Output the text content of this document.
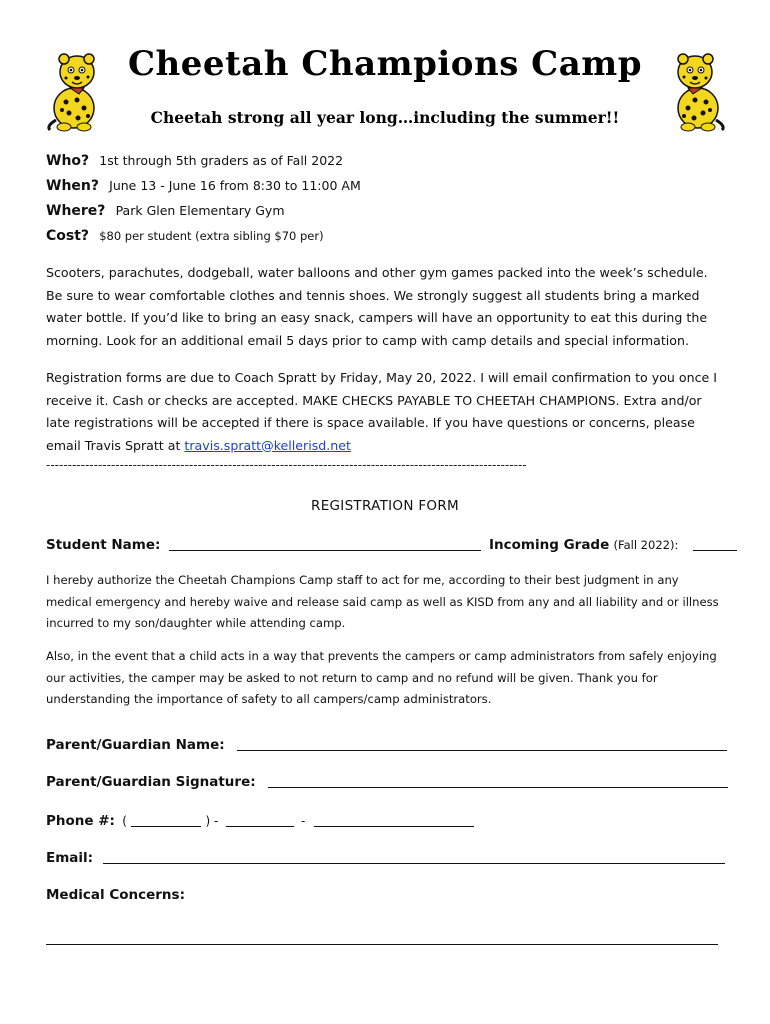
Cheetah Champions Camp
Cheetah strong all year long…including the summer!!
Who? 1st through 5th graders as of Fall 2022
When? June 13 - June 16 from 8:30 to 11:00 AM
Where? Park Glen Elementary Gym
Cost? $80 per student (extra sibling $70 per)
Scooters, parachutes, dodgeball, water balloons and other gym games packed into the week’s schedule. Be sure to wear comfortable clothes and tennis shoes. We strongly suggest all students bring a marked water bottle. If you’d like to bring an easy snack, campers will have an opportunity to eat this during the morning. Look for an additional email 5 days prior to camp with camp details and special information.
Registration forms are due to Coach Spratt by Friday, May 20, 2022. I will email confirmation to you once I receive it. Cash or checks are accepted. MAKE CHECKS PAYABLE TO CHEETAH CHAMPIONS. Extra and/or late registrations will be accepted if there is space available. If you have questions or concerns, please email Travis Spratt at travis.spratt@kellerisd.net
---------------------------------------------------------------------------------------------------------------
REGISTRATION FORM
Student Name:	Incoming Grade (Fall 2022):
I hereby authorize the Cheetah Champions Camp staff to act for me, according to their best judgment in any medical emergency and hereby waive and release said camp as well as KISD from any and all liability and or illness incurred to my son/daughter while attending camp.
Also, in the event that a child acts in a way that prevents the campers or camp administrators from safely enjoying our activities, the camper may be asked to not return to camp and no refund will be given. Thank you for understanding the importance of safety to all campers/camp administrators.
Parent/Guardian Name:
Parent/Guardian Signature:
Phone #: (	) -	-
Email:
Medical Concerns:
